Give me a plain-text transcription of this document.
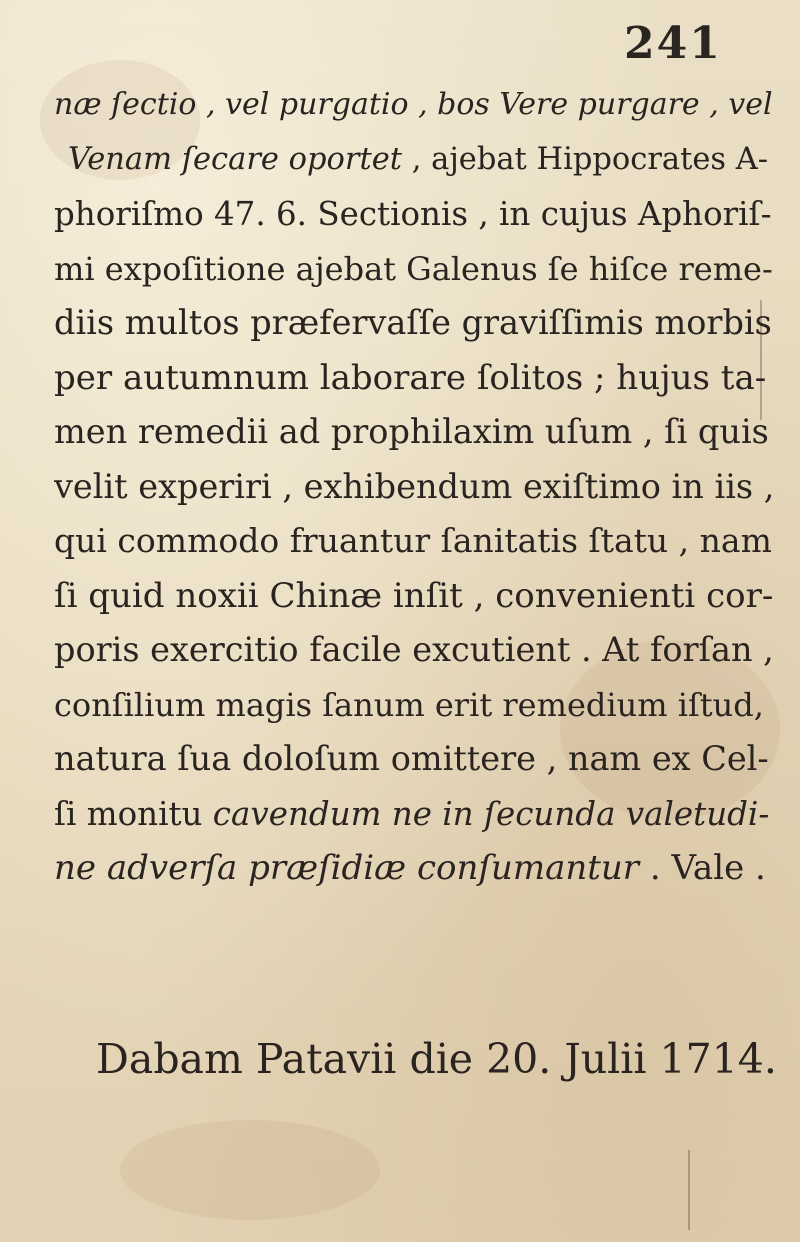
241
næ ſectio , vel purgatio , bos Vere purgare , vel
Venam ſecare oportet , ajebat Hippocrates A-
phoriſmo 47. 6. Sectionis , in cujus Aphoriſ-
mi expoſitione ajebat Galenus ſe hiſce reme-
diis multos præfervaſſe graviſſimis morbis
per autumnum laborare ſolitos ; hujus ta-
men remedii ad prophilaxim uſum , ſi quis
velit experiri , exhibendum exiſtimo in iis ,
qui commodo fruantur ſanitatis ſtatu , nam
ſi quid noxii Chinæ inſit , convenienti cor-
poris exercitio facile excutient . At forſan ,
conſilium magis ſanum erit remedium iſtud,
natura ſua doloſum omittere , nam ex Cel-
ſi monitu cavendum ne in ſecunda valetudi-
ne adverſa præſidiæ conſumantur . Vale .
Dabam Patavii die 20. Julii 1714.
